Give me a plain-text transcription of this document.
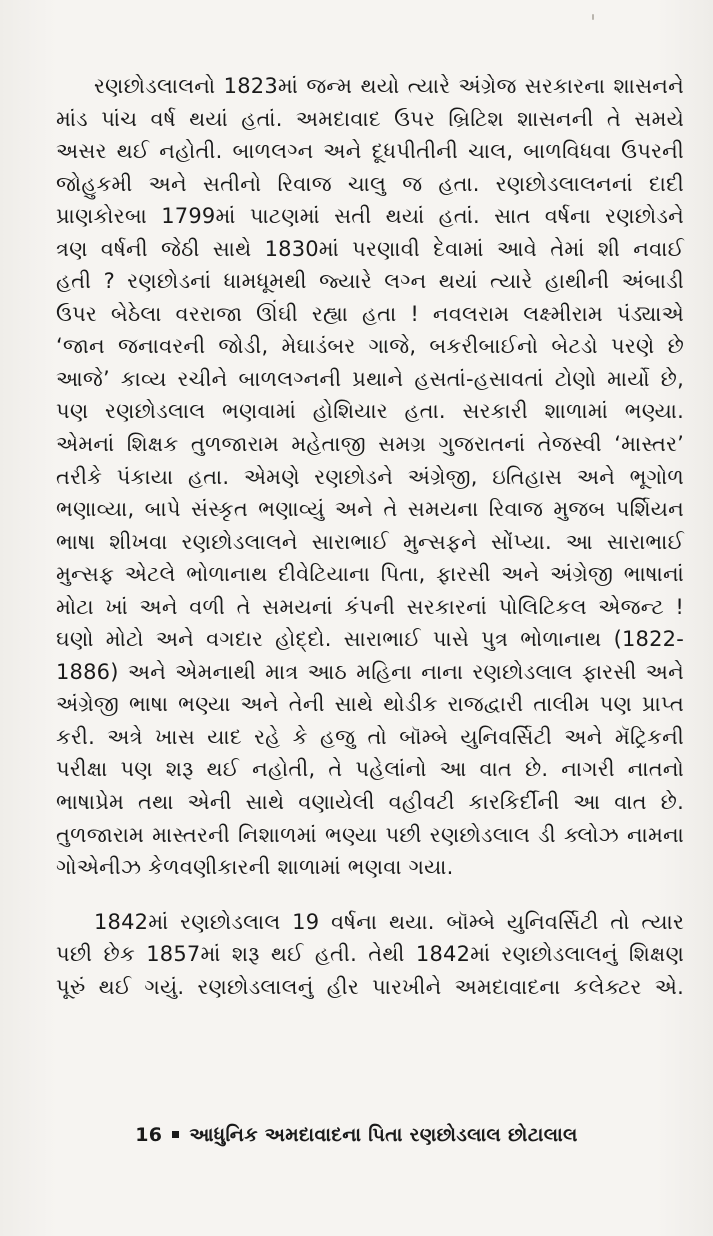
રણછોડલાલનો 1823માં જન્મ થયો ત્યારે અંગ્રેજ સરકારના શાસનને
માંડ પાંચ વર્ષ થયાં હતાં. અમદાવાદ ઉપર બ્રિટિશ શાસનની તે સમયે
અસર થઈ નહોતી. બાળલગ્ન અને દૂધપીતીની ચાલ, બાળવિધવા ઉપરની
જોહુકમી અને સતીનો રિવાજ ચાલુ જ હતા. રણછોડલાલનનાં દાદી
પ્રાણકોરબા 1799માં પાટણમાં સતી થયાં હતાં. સાત વર્ષના રણછોડને
ત્રણ વર્ષની જેઠી સાથે 1830માં પરણાવી દેવામાં આવે તેમાં શી નવાઈ
હતી ? રણછોડનાં ધામધૂમથી જ્યારે લગ્ન થયાં ત્યારે હાથીની અંબાડી
ઉપર બેઠેલા વરરાજા ઊંઘી રહ્યા હતા ! નવલરામ લક્ષ્મીરામ પંડ્યાએ
‘જાન જનાવરની જોડી, મેઘાડંબર ગાજે, બકરીબાઈનો બેટડો પરણે છે
આજે’ કાવ્ય રચીને બાળલગ્નની પ્રથાને હસતાં-હસાવતાં ટોણો માર્યો છે,
પણ રણછોડલાલ ભણવામાં હોશિયાર હતા. સરકારી શાળામાં ભણ્યા.
એમનાં શિક્ષક તુળજારામ મહેતાજી સમગ્ર ગુજરાતનાં તેજસ્વી ‘માસ્તર’
તરીકે પંકાયા હતા. એમણે રણછોડને અંગ્રેજી, ઇતિહાસ અને ભૂગોળ
ભણાવ્યા, બાપે સંસ્કૃત ભણાવ્યું અને તે સમયના રિવાજ મુજબ પર્શિયન
ભાષા શીખવા રણછોડલાલને સારાભાઈ મુન્સફને સોંપ્યા. આ સારાભાઈ
મુન્સફ એટલે ભોળાનાથ દીવેટિયાના પિતા, ફારસી અને અંગ્રેજી ભાષાનાં
મોટા ખાં અને વળી તે સમયનાં કંપની સરકારનાં પોલિટિકલ એજન્ટ !
ઘણો મોટો અને વગદાર હોદ્દો. સારાભાઈ પાસે પુત્ર ભોળાનાથ (1822-
1886) અને એમનાથી માત્ર આઠ મહિના નાના રણછોડલાલ ફારસી અને
અંગ્રેજી ભાષા ભણ્યા અને તેની સાથે થોડીક રાજદ્વારી તાલીમ પણ પ્રાપ્ત
કરી. અત્રે ખાસ યાદ રહે કે હજુ તો બૉમ્બે યુનિવર્સિટી અને મૅટ્રિકની
પરીક્ષા પણ શરૂ થઈ નહોતી, તે પહેલાંનો આ વાત છે. નાગરી નાતનો
ભાષાપ્રેમ તથા એની સાથે વણાયેલી વહીવટી કારકિર્દીની આ વાત છે.
તુળજારામ માસ્તરની નિશાળમાં ભણ્યા પછી રણછોડલાલ ડી ક્લોઝ નામના
ગોએનીઝ કેળવણીકારની શાળામાં ભણવા ગયા.
1842માં રણછોડલાલ 19 વર્ષના થયા. બૉમ્બે યુનિવર્સિટી તો ત્યાર
પછી છેક 1857માં શરૂ થઈ હતી. તેથી 1842માં રણછોડલાલનું શિક્ષણ
પૂરું થઈ ગયું. રણછોડલાલનું હીર પારખીને અમદાવાદના કલેક્ટર એ.
16 આધુનિક અમદાવાદના પિતા રણછોડલાલ છોટાલાલ
